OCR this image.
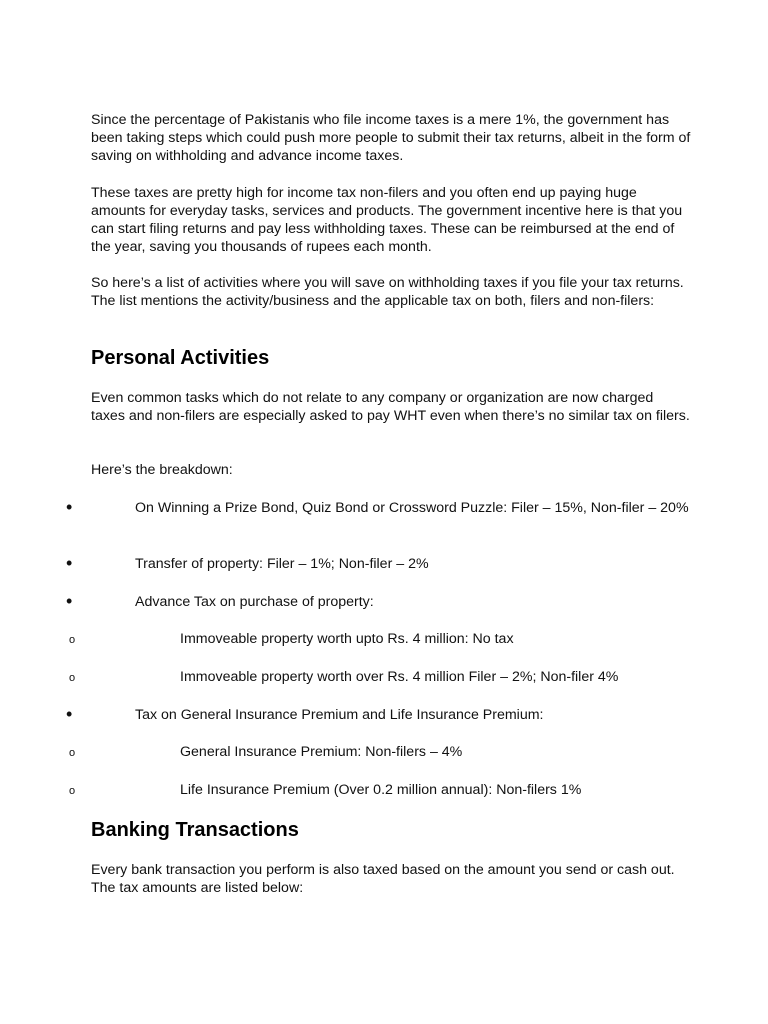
Since the percentage of Pakistanis who file income taxes is a mere 1%, the government has been taking steps which could push more people to submit their tax returns, albeit in the form of saving on withholding and advance income taxes.

These taxes are pretty high for income tax non-filers and you often end up paying huge amounts for everyday tasks, services and products. The government incentive here is that you can start filing returns and pay less withholding taxes. These can be reimbursed at the end of the year, saving you thousands of rupees each month.

So here’s a list of activities where you will save on withholding taxes if you file your tax returns. The list mentions the activity/business and the applicable tax on both, filers and non-filers:

Personal Activities

Even common tasks which do not relate to any company or organization are now charged taxes and non-filers are especially asked to pay WHT even when there’s no similar tax on filers.

Here’s the breakdown:

•	On Winning a Prize Bond, Quiz Bond or Crossword Puzzle: Filer – 15%, Non-filer – 20%
•	Transfer of property: Filer – 1%; Non-filer – 2%
•	Advance Tax on purchase of property:
o	Immoveable property worth upto Rs. 4 million: No tax
o	Immoveable property worth over Rs. 4 million Filer – 2%; Non-filer 4%
•	Tax on General Insurance Premium and Life Insurance Premium:
o	General Insurance Premium: Non-filers – 4%
o	Life Insurance Premium (Over 0.2 million annual): Non-filers 1%
Banking Transactions

Every bank transaction you perform is also taxed based on the amount you send or cash out. The tax amounts are listed below:
